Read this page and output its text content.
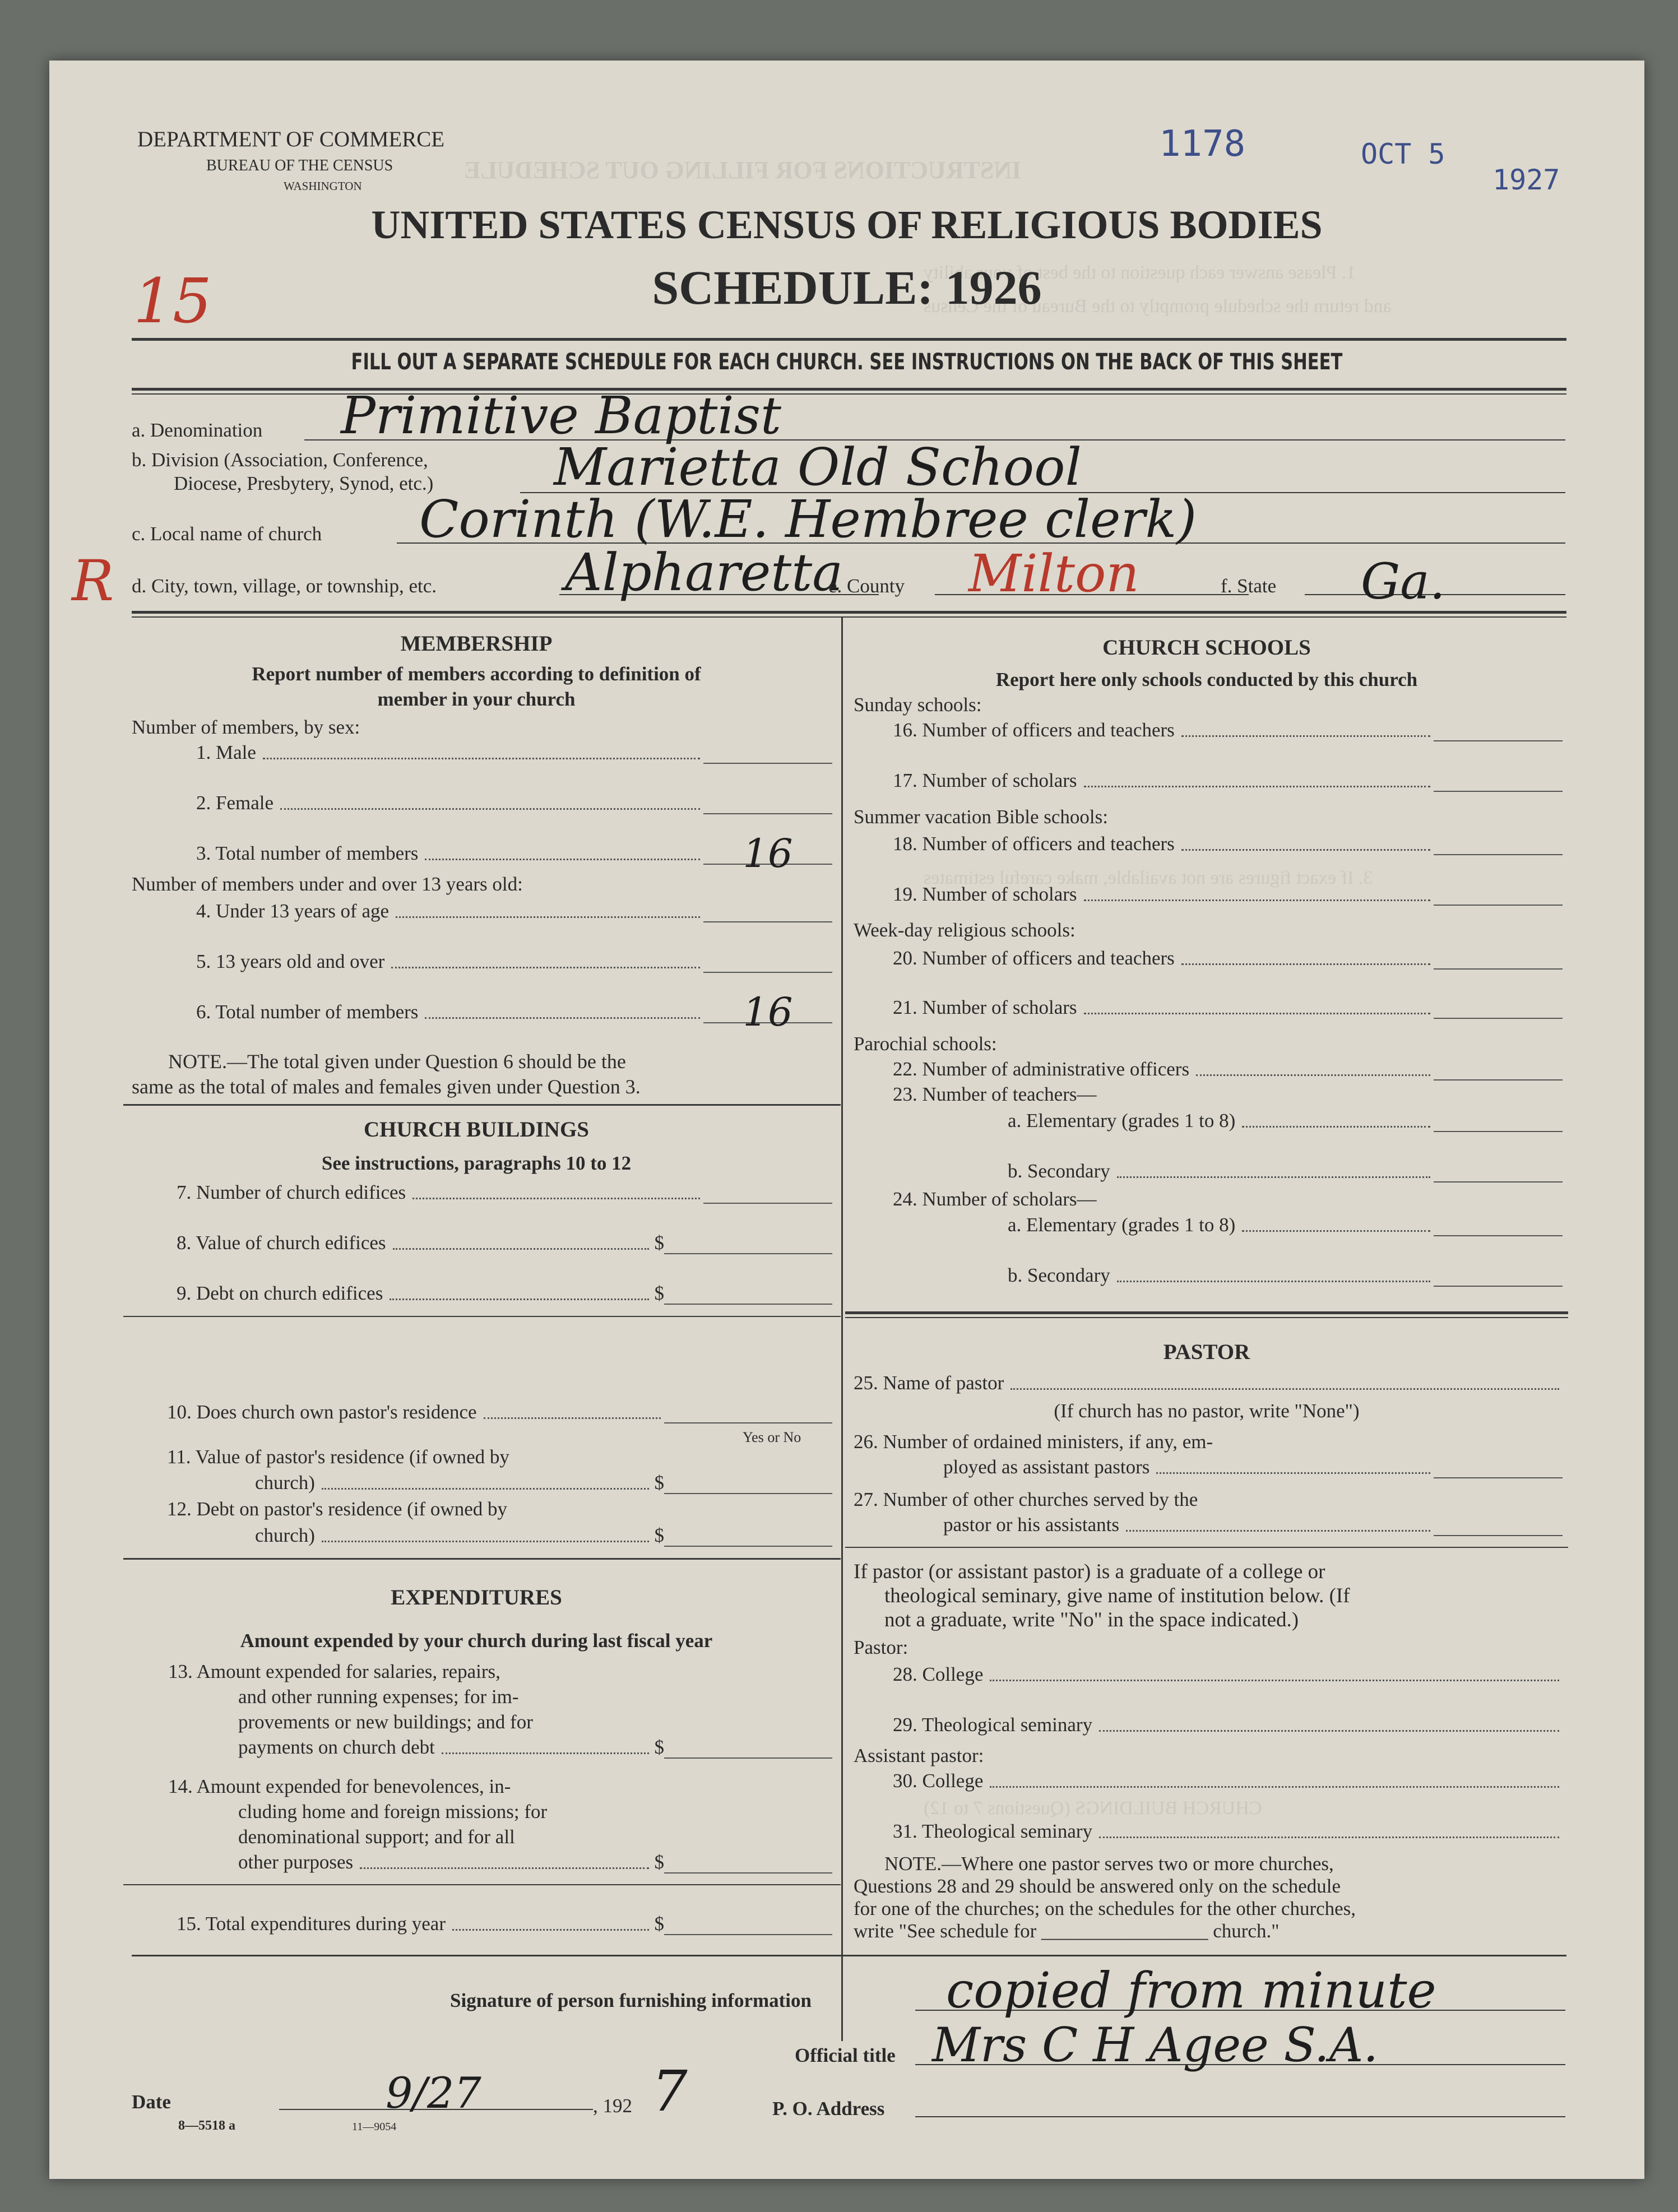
INSTRUCTIONS FOR FILLING OUT SCHEDULE
1. Please answer each question to the best of your ability
and return the schedule promptly to the Bureau of the Census
3. If exact figures are not available, make careful estimates
CHURCH BUILDINGS (Questions 7 to 12)
DEPARTMENT OF COMMERCE
BUREAU OF THE CENSUS
WASHINGTON
1178	OCT 5
1927
UNITED STATES CENSUS OF RELIGIOUS BODIES
SCHEDULE: 1926
15
FILL OUT A SEPARATE SCHEDULE FOR EACH CHURCH. SEE INSTRUCTIONS ON THE BACK OF THIS SHEET
a. Denomination Primitive Baptist
b. Division (Association, Conference,
Diocese, Presbytery, Synod, etc.) Marietta Old School
c. Local name of church Corinth (W.E. Hembree clerk)
R d. City, town, village, or township, etc. Alpharetta
e. County Milton	f. State Ga.
MEMBERSHIP
Report number of members according to definition of
member in your church
Number of members, by sex:
1. Male
2. Female
3. Total number of members	16
Number of members under and over 13 years old:
4. Under 13 years of age
5. 13 years old and over
6. Total number of members	16
NOTE.—The total given under Question 6 should be the
same as the total of males and females given under Question 3.
CHURCH BUILDINGS
See instructions, paragraphs 10 to 12
7. Number of church edifices
8. Value of church edifices	$
9. Debt on church edifices	$
10. Does church own pastor's residence
Yes or No
11. Value of pastor's residence (if owned by
church)	$
12. Debt on pastor's residence (if owned by
church)	$
EXPENDITURES
Amount expended by your church during last fiscal year
13. Amount expended for salaries, repairs,
and other running expenses; for im-
provements or new buildings; and for
payments on church debt	$
14. Amount expended for benevolences, in-
cluding home and foreign missions; for
denominational support; and for all
other purposes	$
15. Total expenditures during year	$
CHURCH SCHOOLS
Report here only schools conducted by this church
Sunday schools:
16. Number of officers and teachers
17. Number of scholars
Summer vacation Bible schools:
18. Number of officers and teachers
19. Number of scholars
Week-day religious schools:
20. Number of officers and teachers
21. Number of scholars
Parochial schools:
22. Number of administrative officers
23. Number of teachers—
a. Elementary (grades 1 to 8)
b. Secondary
24. Number of scholars—
a. Elementary (grades 1 to 8)
b. Secondary
PASTOR
25. Name of pastor
(If church has no pastor, write "None")
26. Number of ordained ministers, if any, em-
ployed as assistant pastors
27. Number of other churches served by the
pastor or his assistants
If pastor (or assistant pastor) is a graduate of a college or
theological seminary, give name of institution below. (If
not a graduate, write "No" in the space indicated.)
Pastor:
28. College
29. Theological seminary
Assistant pastor:
30. College
31. Theological seminary
NOTE.—Where one pastor serves two or more churches,
Questions 28 and 29 should be answered only on the schedule
for one of the churches; on the schedules for the other churches,
write "See schedule for _________________ church."
Signature of person furnishing information	copied from minute
Official title Mrs C H Agee S.A.
Date	9/27	, 192 7	P. O. Address
8—5518 a	11—9054
